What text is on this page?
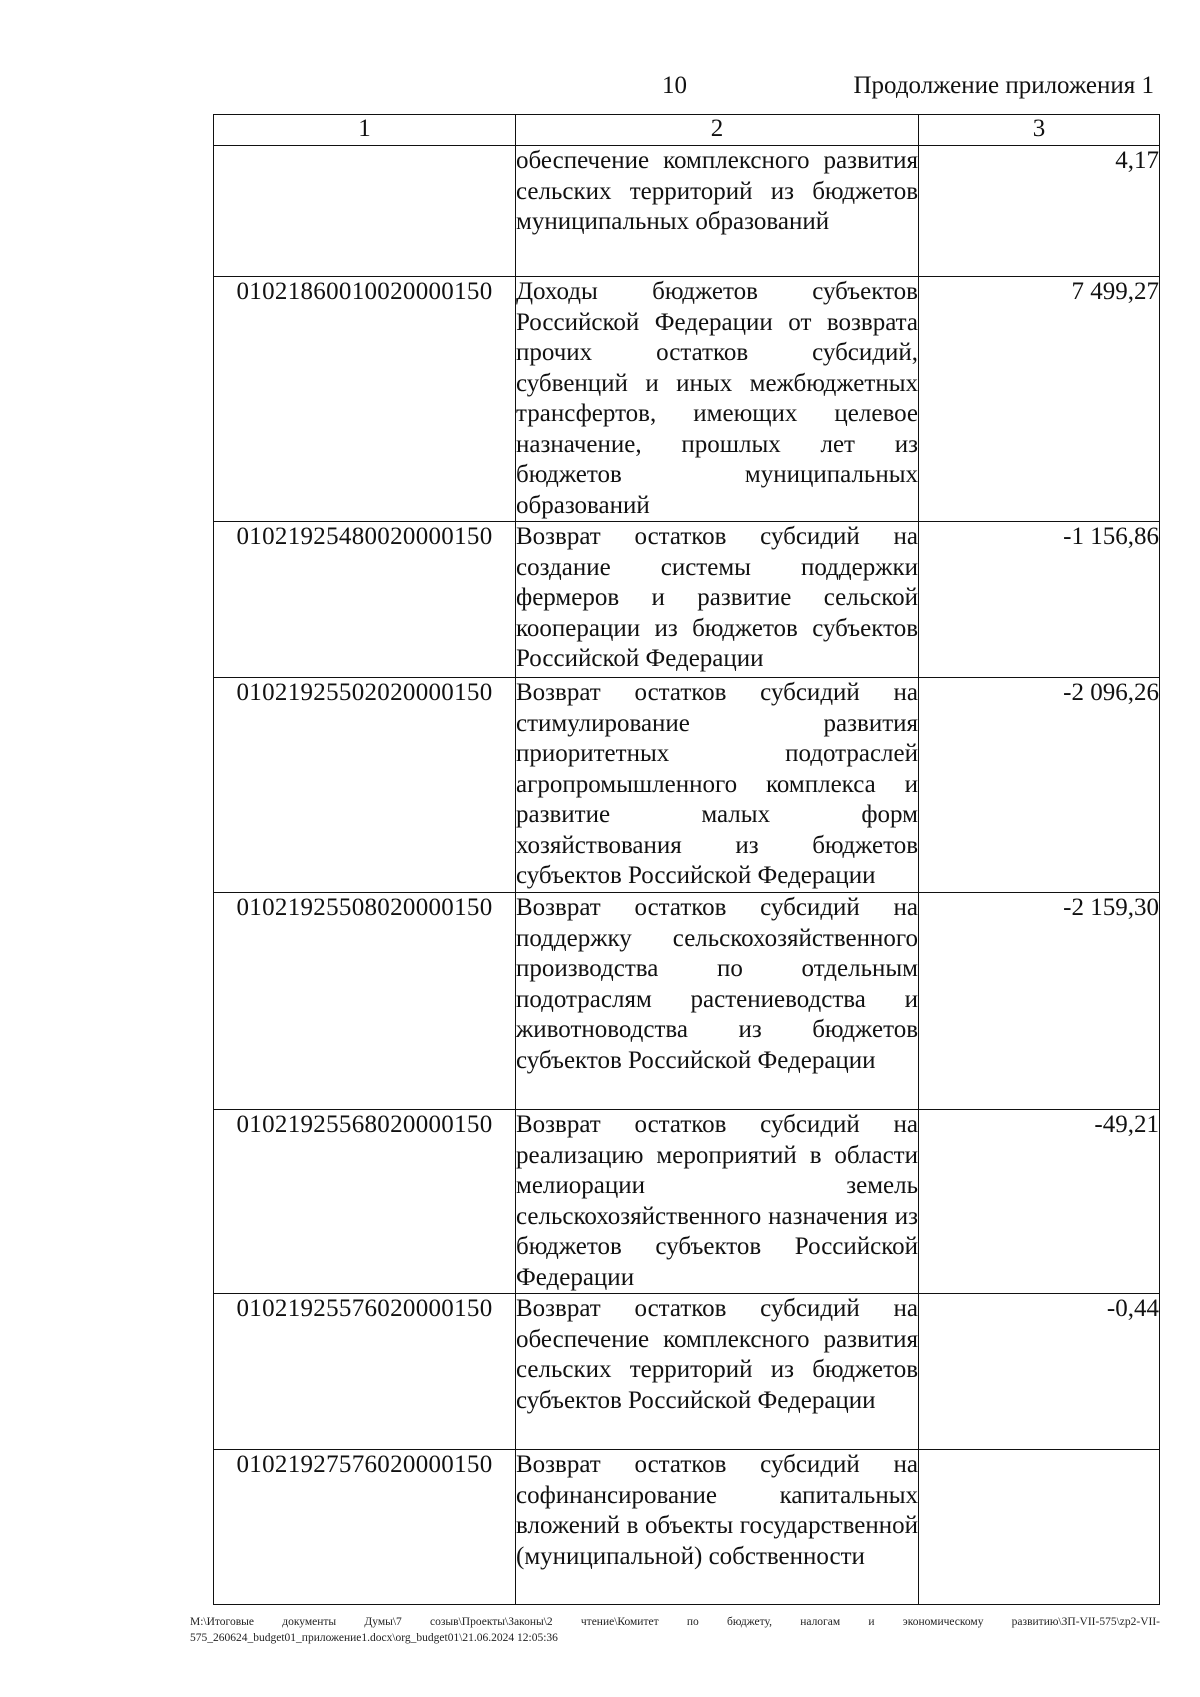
10	Продолжение приложения 1
1	2	3
	обеспечение комплексного развития сельских территорий из бюджетов муниципальных образований	4,17
01021860010020000150	Доходы бюджетов субъектов Российской Федерации от возврата прочих остатков субсидий, субвенций и иных межбюджетных трансфертов, имеющих целевое назначение, прошлых лет из бюджетов муниципальных образований	7 499,27
01021925480020000150	Возврат остатков субсидий на создание системы поддержки фермеров и развитие сельской кооперации из бюджетов субъектов Российской Федерации	-1 156,86
01021925502020000150	Возврат остатков субсидий на стимулирование развития приоритетных подотраслей агропромышленного комплекса и развитие малых форм хозяйствования из бюджетов субъектов Российской Федерации	-2 096,26
01021925508020000150	Возврат остатков субсидий на поддержку сельскохозяйственного производства по отдельным подотраслям растениеводства и животноводства из бюджетов субъектов Российской Федерации	-2 159,30
01021925568020000150	Возврат остатков субсидий на реализацию мероприятий в области мелиорации земель сельскохозяйственного назначения из бюджетов субъектов Российской Федерации	-49,21
01021925576020000150	Возврат остатков субсидий на обеспечение комплексного развития сельских территорий из бюджетов субъектов Российской Федерации	-0,44
01021927576020000150	Возврат остатков субсидий на софинансирование капитальных вложений в объекты государственной (муниципальной) собственности	
М:\Итоговые документы Думы\7 созыв\Проекты\Законы\2 чтение\Комитет по бюджету, налогам и экономическому развитию\ЗП-VII-575\zp2-VII-575_260624_budget01_приложение1.docx\org_budget01\21.06.2024 12:05:36
